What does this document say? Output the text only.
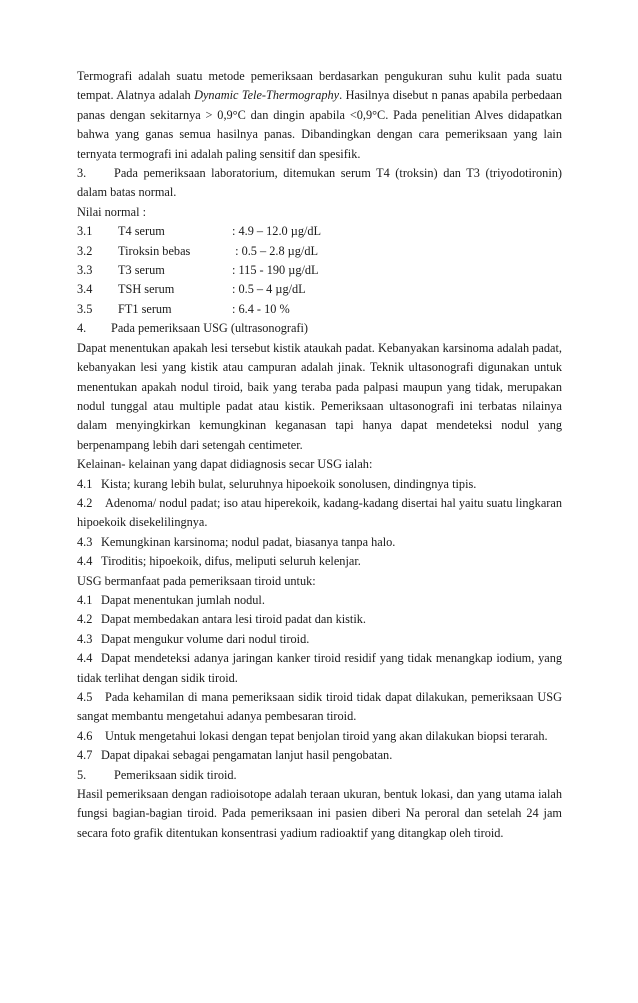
Termografi adalah suatu metode pemeriksaan berdasarkan pengukuran suhu kulit pada suatu tempat. Alatnya adalah Dynamic Tele-Thermography. Hasilnya disebut n panas apabila perbedaan panas dengan sekitarnya > 0,9°C dan dingin apabila <0,9°C. Pada penelitian Alves didapatkan bahwa yang ganas semua hasilnya panas. Dibandingkan dengan cara pemeriksaan yang lain ternyata termografi ini adalah paling sensitif dan spesifik.

3. Pada pemeriksaan laboratorium, ditemukan serum T4 (troksin) dan T3 (triyodotironin) dalam batas normal.

Nilai normal :

3.1	T4 serum	: 4.9 – 12.0 µg/dL
3.2	Tiroksin bebas	: 0.5 – 2.8 µg/dL
3.3	T3 serum	: 115 - 190 µg/dL
3.4	TSH serum	: 0.5 – 4 µg/dL
3.5	FT1 serum	: 6.4 - 10 %

4. Pada pemeriksaan USG (ultrasonografi)

Dapat menentukan apakah lesi tersebut kistik ataukah padat. Kebanyakan karsinoma adalah padat, kebanyakan lesi yang kistik atau campuran adalah jinak. Teknik ultasonografi digunakan untuk menentukan apakah nodul tiroid, baik yang teraba pada palpasi maupun yang tidak, merupakan nodul tunggal atau multiple padat atau kistik. Pemeriksaan ultasonografi ini terbatas nilainya dalam menyingkirkan kemungkinan keganasan tapi hanya dapat mendeteksi nodul yang berpenampang lebih dari setengah centimeter.

Kelainan- kelainan yang dapat didiagnosis secar USG ialah:

4.1 Kista; kurang lebih bulat, seluruhnya hipoekoik sonolusen, dindingnya tipis.

4.2 Adenoma/ nodul padat; iso atau hiperekoik, kadang-kadang disertai hal yaitu suatu lingkaran hipoekoik disekelilingnya.

4.3 Kemungkinan karsinoma; nodul padat, biasanya tanpa halo.

4.4 Tiroditis; hipoekoik, difus, meliputi seluruh kelenjar.

USG bermanfaat pada pemeriksaan tiroid untuk:

4.1 Dapat menentukan jumlah nodul.

4.2 Dapat membedakan antara lesi tiroid padat dan kistik.

4.3 Dapat mengukur volume dari nodul tiroid.

4.4 Dapat mendeteksi adanya jaringan kanker tiroid residif yang tidak menangkap iodium, yang tidak terlihat dengan sidik tiroid.

4.5 Pada kehamilan di mana pemeriksaan sidik tiroid tidak dapat dilakukan, pemeriksaan USG sangat membantu mengetahui adanya pembesaran tiroid.

4.6 Untuk mengetahui lokasi dengan tepat benjolan tiroid yang akan dilakukan biopsi terarah.

4.7 Dapat dipakai sebagai pengamatan lanjut hasil pengobatan.

5. Pemeriksaan sidik tiroid.

Hasil pemeriksaan dengan radioisotope adalah teraan ukuran, bentuk lokasi, dan yang utama ialah fungsi bagian-bagian tiroid. Pada pemeriksaan ini pasien diberi Na peroral dan setelah 24 jam secara foto grafik ditentukan konsentrasi yadium radioaktif yang ditangkap oleh tiroid.
